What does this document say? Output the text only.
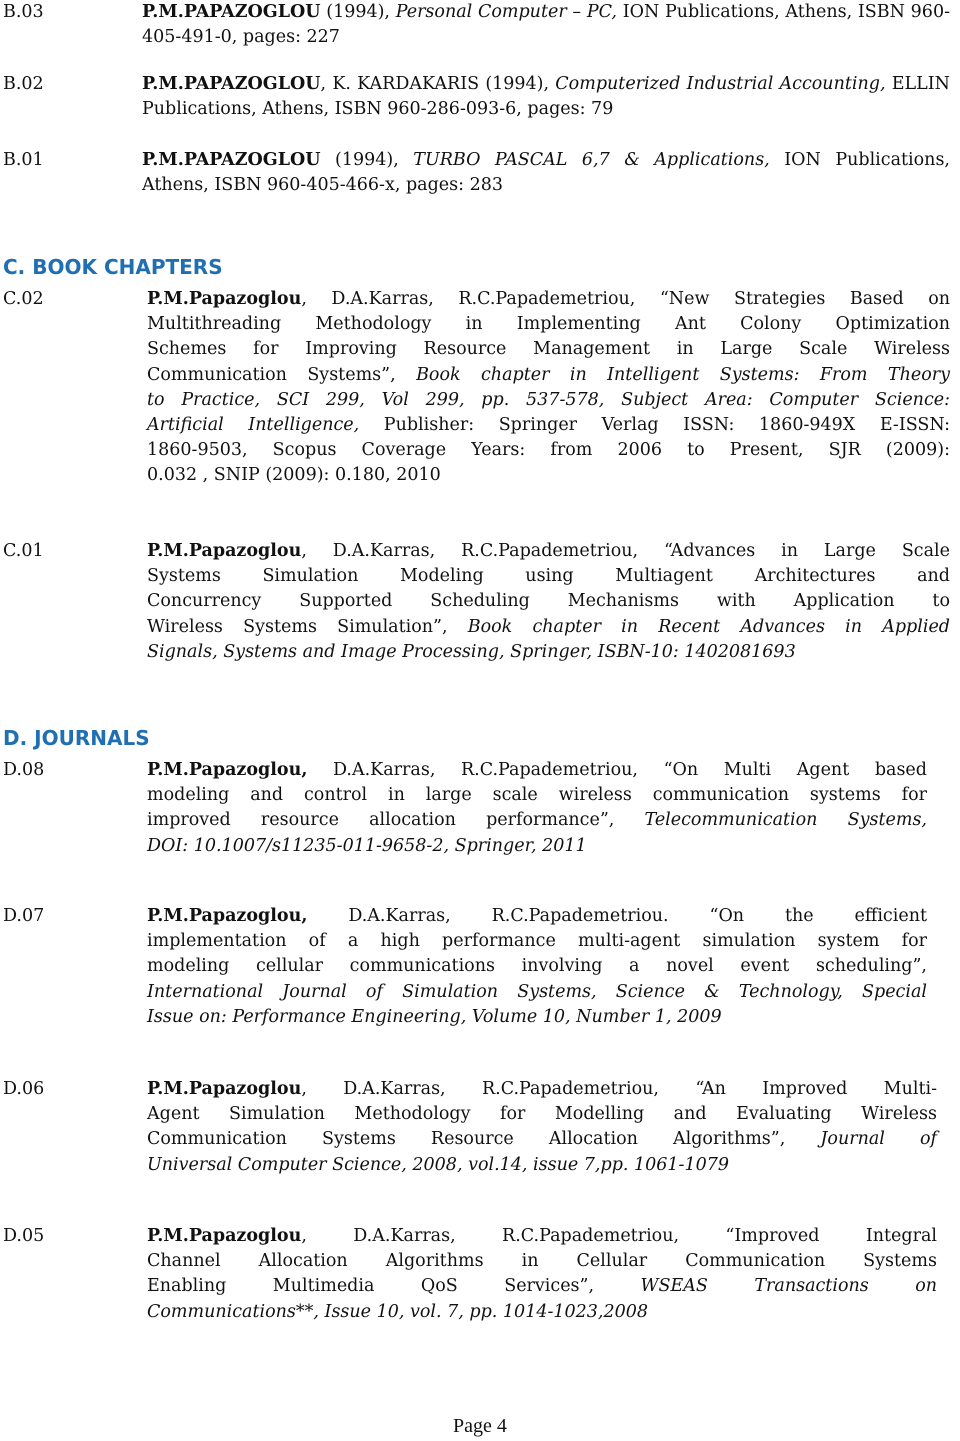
B.03	P.M.PAPAZOGLOU (1994), Personal Computer – PC, ION Publications, Athens, ISBN 960-405-491-0, pages: 227
B.02	P.M.PAPAZOGLOU, K. KARDAKARIS (1994), Computerized Industrial Accounting, ELLIN Publications, Athens, ISBN 960-286-093-6, pages: 79
B.01	P.M.PAPAZOGLOU (1994), TURBO PASCAL 6,7 & Applications, ION Publications, Athens, ISBN 960-405-466-x, pages: 283
C. BOOK CHAPTERS
C.02	P.M.Papazoglou, D.A.Karras, R.C.Papademetriou, “New Strategies Based on
Multithreading Methodology in Implementing Ant Colony Optimization
Schemes for Improving Resource Management in Large Scale Wireless
Communication Systems”, Book chapter in Intelligent Systems: From Theory
to Practice, SCI 299, Vol 299, pp. 537-578, Subject Area: Computer Science:
Artificial Intelligence, Publisher: Springer Verlag ISSN: 1860-949X E-ISSN:
1860-9503, Scopus Coverage Years: from 2006 to Present, SJR (2009):
0.032 , SNIP (2009): 0.180, 2010
C.01	P.M.Papazoglou, D.A.Karras, R.C.Papademetriou, “Advances in Large Scale
Systems Simulation Modeling using Multiagent Architectures and
Concurrency Supported Scheduling Mechanisms with Application to
Wireless Systems Simulation”, Book chapter in Recent Advances in Applied
Signals, Systems and Image Processing, Springer, ISBN-10: 1402081693
D. JOURNALS
D.08	P.M.Papazoglou, D.A.Karras, R.C.Papademetriou, “On Multi Agent based
modeling and control in large scale wireless communication systems for
improved resource allocation performance”, Telecommunication Systems,
DOI: 10.1007/s11235-011-9658-2, Springer, 2011
D.07	P.M.Papazoglou, D.A.Karras, R.C.Papademetriou. “On the efficient
implementation of a high performance multi-agent simulation system for
modeling cellular communications involving a novel event scheduling”,
International Journal of Simulation Systems, Science & Technology, Special
Issue on: Performance Engineering, Volume 10, Number 1, 2009
D.06	P.M.Papazoglou, D.A.Karras, R.C.Papademetriou, “An Improved Multi-
Agent Simulation Methodology for Modelling and Evaluating Wireless
Communication Systems Resource Allocation Algorithms”, Journal of
Universal Computer Science, 2008, vol.14, issue 7,pp. 1061-1079
D.05	P.M.Papazoglou, D.A.Karras, R.C.Papademetriou, “Improved Integral
Channel Allocation Algorithms in Cellular Communication Systems
Enabling Multimedia QoS Services”, WSEAS Transactions on
Communications**, Issue 10, vol. 7, pp. 1014-1023,2008
Page 4
